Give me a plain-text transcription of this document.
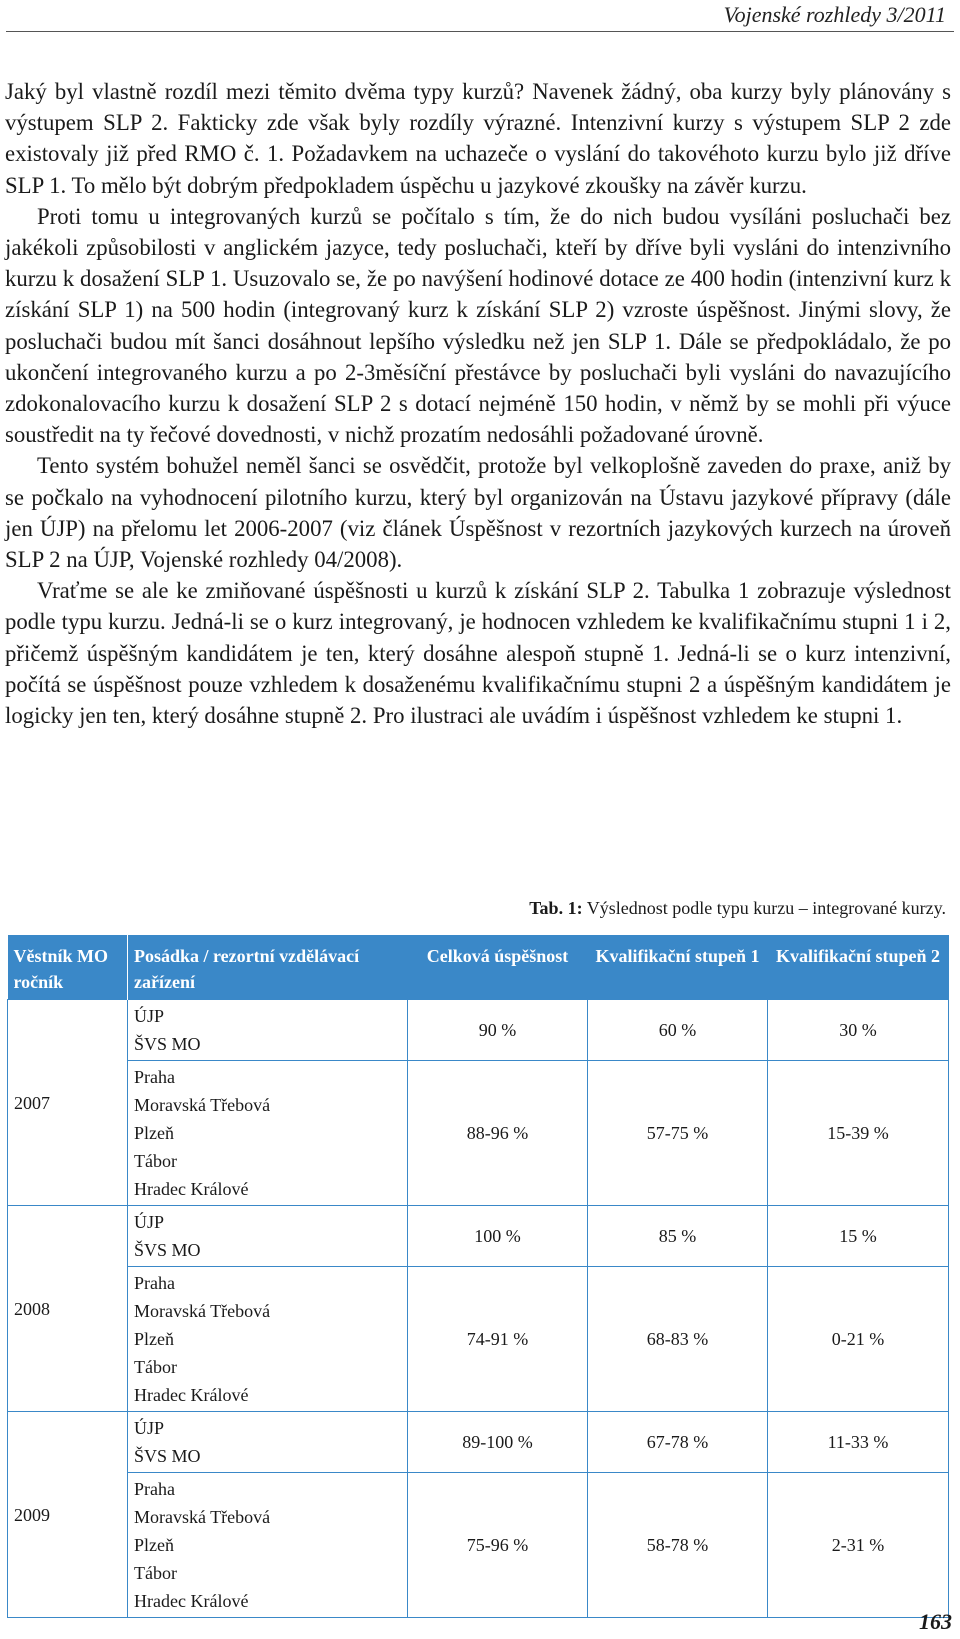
Vojenské rozhledy 3/2011

Jaký byl vlastně rozdíl mezi těmito dvěma typy kurzů? Navenek žádný, oba kurzy byly plánovány s výstupem SLP 2. Fakticky zde však byly rozdíly výrazné. Intenzivní kurzy s výstupem SLP 2 zde existovaly již před RMO č. 1. Požadavkem na uchazeče o vyslání do takovéhoto kurzu bylo již dříve SLP 1. To mělo být dobrým předpokladem úspěchu u jazykové zkoušky na závěr kurzu.

Proti tomu u integrovaných kurzů se počítalo s tím, že do nich budou vysíláni posluchači bez jakékoli způsobilosti v anglickém jazyce, tedy posluchači, kteří by dříve byli vysláni do intenzivního kurzu k dosažení SLP 1. Usuzovalo se, že po navýšení hodinové dotace ze 400 hodin (intenzivní kurz k získání SLP 1) na 500 hodin (integrovaný kurz k získání SLP 2) vzroste úspěšnost. Jinými slovy, že posluchači budou mít šanci dosáhnout lepšího výsledku než jen SLP 1. Dále se předpokládalo, že po ukončení integrovaného kurzu a po 2-3měsíční přestávce by posluchači byli vysláni do navazujícího zdokonalovacího kurzu k dosažení SLP 2 s dotací nejméně 150 hodin, v němž by se mohli při výuce soustředit na ty řečové dovednosti, v nichž prozatím nedosáhli požadované úrovně.

Tento systém bohužel neměl šanci se osvědčit, protože byl velkoplošně zaveden do praxe, aniž by se počkalo na vyhodnocení pilotního kurzu, který byl organizován na Ústavu jazykové přípravy (dále jen ÚJP) na přelomu let 2006-2007 (viz článek Úspěšnost v rezortních jazykových kurzech na úroveň SLP 2 na ÚJP, Vojenské rozhledy 04/2008).

Vraťme se ale ke zmiňované úspěšnosti u kurzů k získání SLP 2. Tabulka 1 zobrazuje výslednost podle typu kurzu. Jedná-li se o kurz integrovaný, je hodnocen vzhledem ke kvalifikačnímu stupni 1 i 2, přičemž úspěšným kandidátem je ten, který dosáhne alespoň stupně 1. Jedná-li se o kurz intenzivní, počítá se úspěšnost pouze vzhledem k dosaženému kvalifikačnímu stupni 2 a úspěšným kandidátem je logicky jen ten, který dosáhne stupně 2. Pro ilustraci ale uvádím i úspěšnost vzhledem ke stupni 1.

Tab. 1: Výslednost podle typu kurzu – integrované kurzy.
Věstník MO ročník	Posádka / rezortní vzdělávací zařízení	Celková úspěšnost	Kvalifikační stupeň 1	Kvalifikační stupeň 2
2007	ÚJP
ŠVS MO	90 %	60 %	30 %

	Praha
Moravská Třebová
Plzeň
Tábor
Hradec Králové	88-96 %	57-75 %	15-39 %
2008	ÚJP
ŠVS MO	100 %	85 %	15 %

	Praha
Moravská Třebová
Plzeň
Tábor
Hradec Králové	74-91 %	68-83 %	0-21 %
2009	ÚJP
ŠVS MO	89-100 %	67-78 %	11-33 %

	Praha
Moravská Třebová
Plzeň
Tábor
Hradec Králové	75-96 %	58-78 %	2-31 %
163
